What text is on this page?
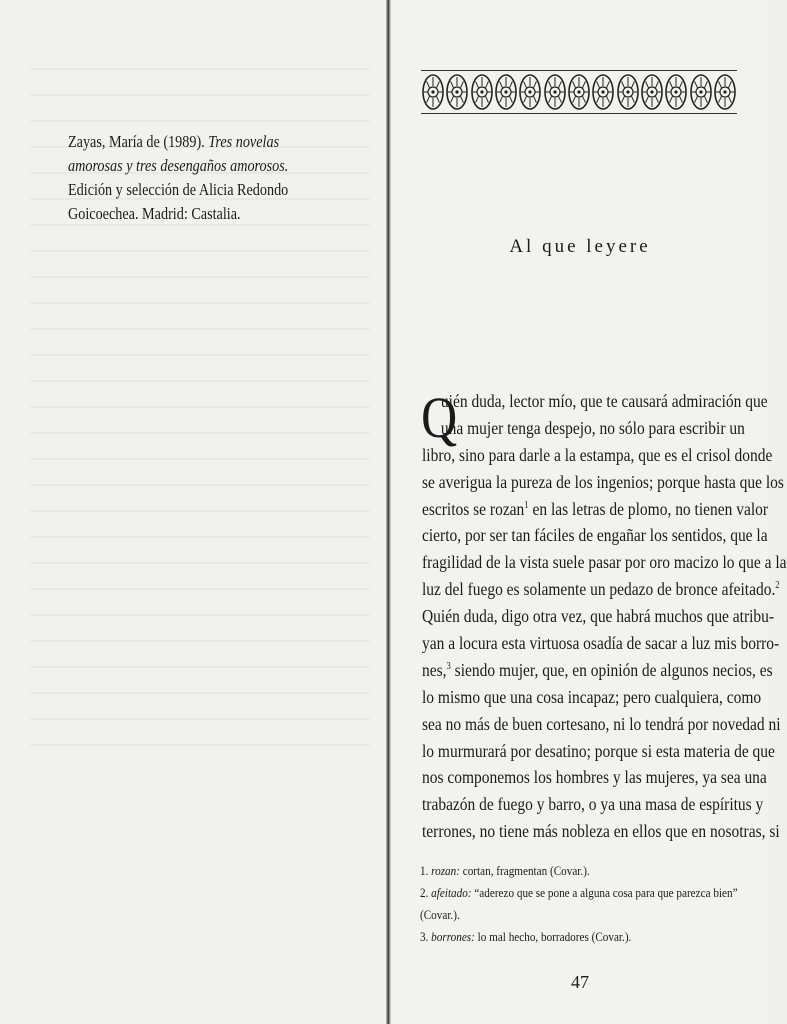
Zayas, María de (1989). Tres novelas
amorosas y tres desengaños amorosos.
Edición y selección de Alicia Redondo
Goicoechea. Madrid: Castalia.
Al que leyere
Q
uién duda, lector mío, que te causará admiración que
una mujer tenga despejo, no sólo para escribir un
libro, sino para darle a la estampa, que es el crisol donde
se averigua la pureza de los ingenios; porque hasta que los
escritos se rozan$^1$ en las letras de plomo, no tienen valor
cierto, por ser tan fáciles de engañar los sentidos, que la
fragilidad de la vista suele pasar por oro macizo lo que a la
luz del fuego es solamente un pedazo de bronce afeitado.$^2$
Quién duda, digo otra vez, que habrá muchos que atribu-
yan a locura esta virtuosa osadía de sacar a luz mis borro-
nes,$^3$ siendo mujer, que, en opinión de algunos necios, es
lo mismo que una cosa incapaz; pero cualquiera, como
sea no más de buen cortesano, ni lo tendrá por novedad ni
lo murmurará por desatino; porque si esta materia de que
nos componemos los hombres y las mujeres, ya sea una
trabazón de fuego y barro, o ya una masa de espíritus y
terrones, no tiene más nobleza en ellos que en nosotras, si
1. rozan: cortan, fragmentan (Covar.).
2. afeitado: “aderezo que se pone a alguna cosa para que parezca bien”
(Covar.).
3. borrones: lo mal hecho, borradores (Covar.).
47
